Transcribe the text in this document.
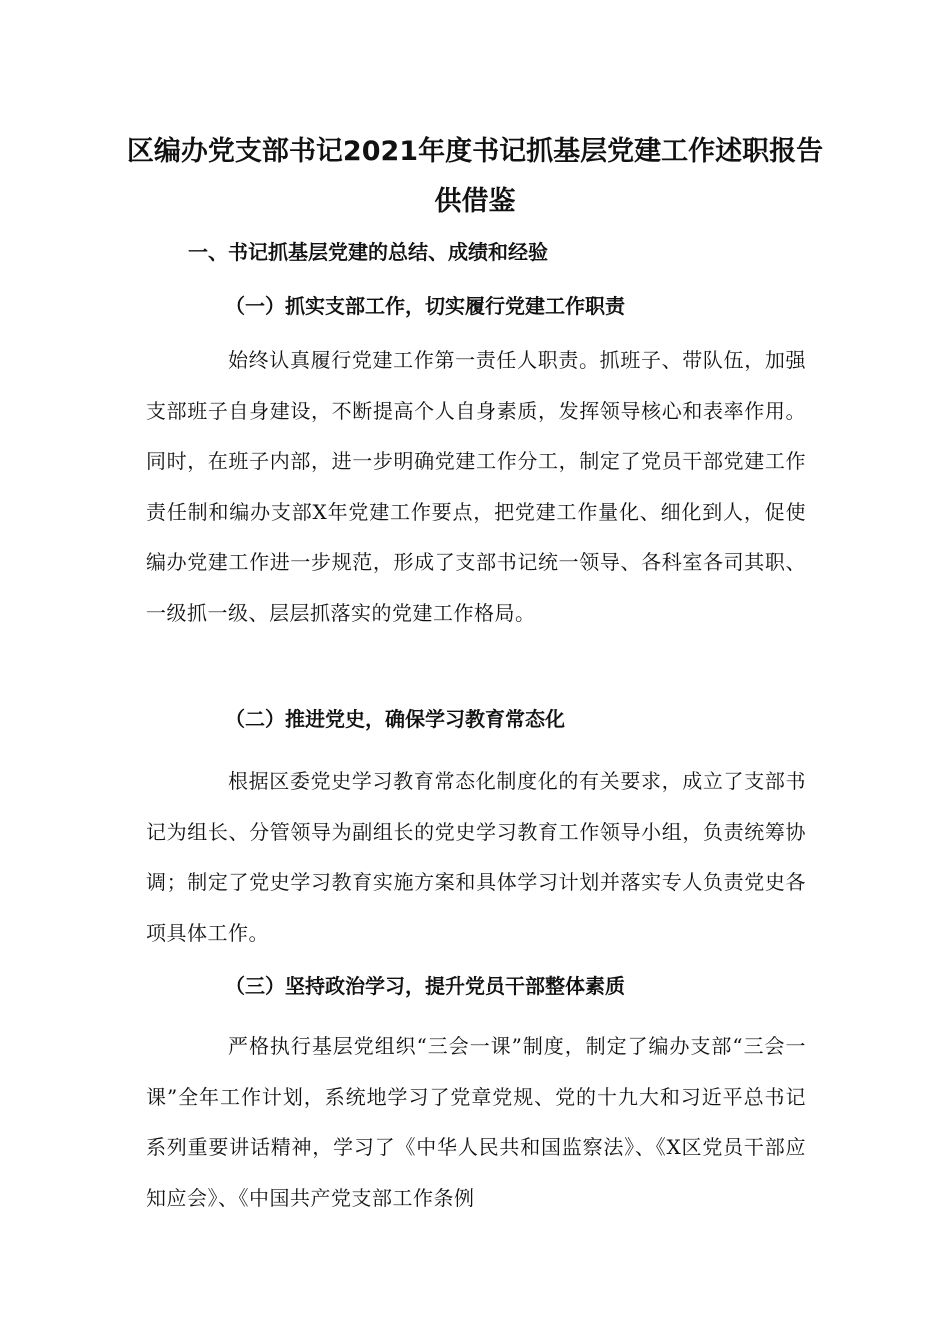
区编办党支部书记2021年度书记抓基层党建工作述职报告
供借鉴
一、书记抓基层党建的总结、成绩和经验
（一）抓实支部工作，切实履行党建工作职责

始终认真履行党建工作第一责任人职责。抓班子、带队伍，加强支部班子自身建设，不断提高个人自身素质，发挥领导核心和表率作用。同时，在班子内部，进一步明确党建工作分工，制定了党员干部党建工作责任制和编办支部X年党建工作要点，把党建工作量化、细化到人，促使编办党建工作进一步规范，形成了支部书记统一领导、各科室各司其职、一级抓一级、层层抓落实的党建工作格局。

（二）推进党史，确保学习教育常态化

根据区委党史学习教育常态化制度化的有关要求，成立了支部书记为组长、分管领导为副组长的党史学习教育工作领导小组，负责统筹协调；制定了党史学习教育实施方案和具体学习计划并落实专人负责党史各项具体工作。

（三）坚持政治学习，提升党员干部整体素质

严格执行基层党组织“三会一课”制度，制定了编办支部“三会一课”全年工作计划，系统地学习了党章党规、党的十九大和习近平总书记系列重要讲话精神，学习了《中华人民共和国监察法》、《X区党员干部应知应会》、《中国共产党支部工作条例
